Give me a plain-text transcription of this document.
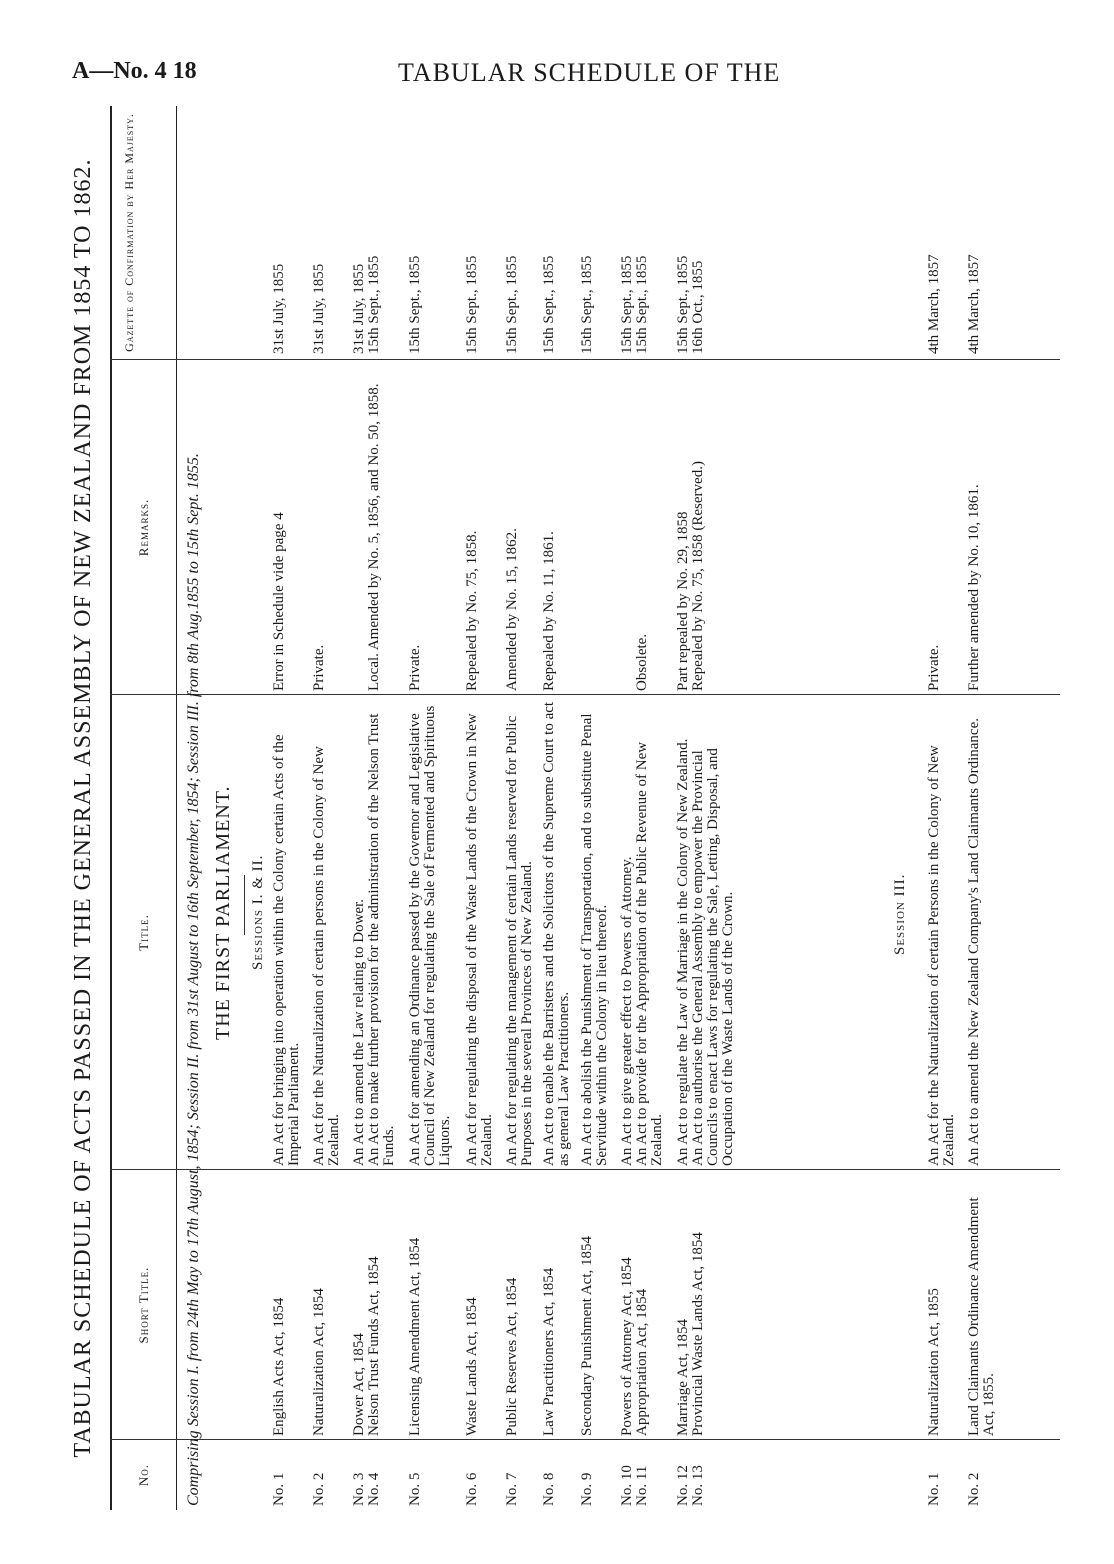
A—No. 4 18	TABULAR SCHEDULE OF THE
TABULAR SCHEDULE OF ACTS PASSED IN THE GENERAL ASSEMBLY OF NEW ZEALAND FROM 1854 TO 1862.
No.
Short Title.
Title.
Remarks.
Gazette of Confirmation by Her Majesty.
Comprising Session I. from 24th May to 17th August, 1854; Session II. from 31st August to 16th September, 1854; Session III. from 8th Aug.1855 to 15th Sept. 1855. THE FIRST PARLIAMENT. Sessions I. & II.
No. 1
English Acts Act, 1854
An Act for bringing into operation within the Colony certain Acts of the Imperial Parliament.
Error in Schedule vide page 4
31st July, 1855
No. 2
Naturalization Act, 1854
An Act for the Naturalization of certain persons in the Colony of New Zealand.
Private.
31st July, 1855
No. 3
Dower Act, 1854
An Act to amend the Law relating to Dower.
31st July, 1855
No. 4
Nelson Trust Funds Act, 1854
An Act to make further provision for the administration of the Nelson Trust Funds.
Local. Amended by No. 5, 1856, and No. 50, 1858.
15th Sept., 1855
No. 5
Licensing Amendment Act, 1854
An Act for amending an Ordinance passed by the Governor and Legislative Council of New Zealand for regulating the Sale of Fermented and Spirituous Liquors.
Private.
15th Sept., 1855
No. 6
Waste Lands Act, 1854
An Act for regulating the disposal of the Waste Lands of the Crown in New Zealand.
Repealed by No. 75, 1858.
15th Sept., 1855
No. 7
Public Reserves Act, 1854
An Act for regulating the management of certain Lands reserved for Public Purposes in the several Provinces of New Zealand.
Amended by No. 15, 1862.
15th Sept., 1855
No. 8
Law Practitioners Act, 1854
An Act to enable the Barristers and the Solicitors of the Supreme Court to act as general Law Practitioners.
Repealed by No. 11, 1861.
15th Sept., 1855
No. 9
Secondary Punishment Act, 1854
An Act to abolish the Punishment of Transportation, and to substitute Penal Servitude within the Colony in lieu thereof.
15th Sept., 1855
No. 10
Powers of Attorney Act, 1854
An Act to give greater effect to Powers of Attorney.
15th Sept., 1855
No. 11
Appropriation Act, 1854
An Act to provide for the Appropriation of the Public Revenue of New Zealand.
Obsolete.
15th Sept., 1855
No. 12
Marriage Act, 1854
An Act to regulate the Law of Marriage in the Colony of New Zealand.
Part repealed by No. 29, 1858
15th Sept., 1855
No. 13
Provincial Waste Lands Act, 1854
An Act to authorise the General Assembly to empower the Provincial Councils to enact Laws for regulating the Sale, Letting, Disposal, and Occupation of the Waste Lands of the Crown.
Repealed by No. 75, 1858 (Reserved.)
16th Oct., 1855
No. 1
Naturalization Act, 1855
An Act for the Naturalization of certain Persons in the Colony of New Zealand.
Private.
4th March, 1857
No. 2
Land Claimants Ordinance Amendment Act, 1855.
An Act to amend the New Zealand Company's Land Claimants Ordinance.
Further amended by No. 10, 1861.
4th March, 1857
Session III.
